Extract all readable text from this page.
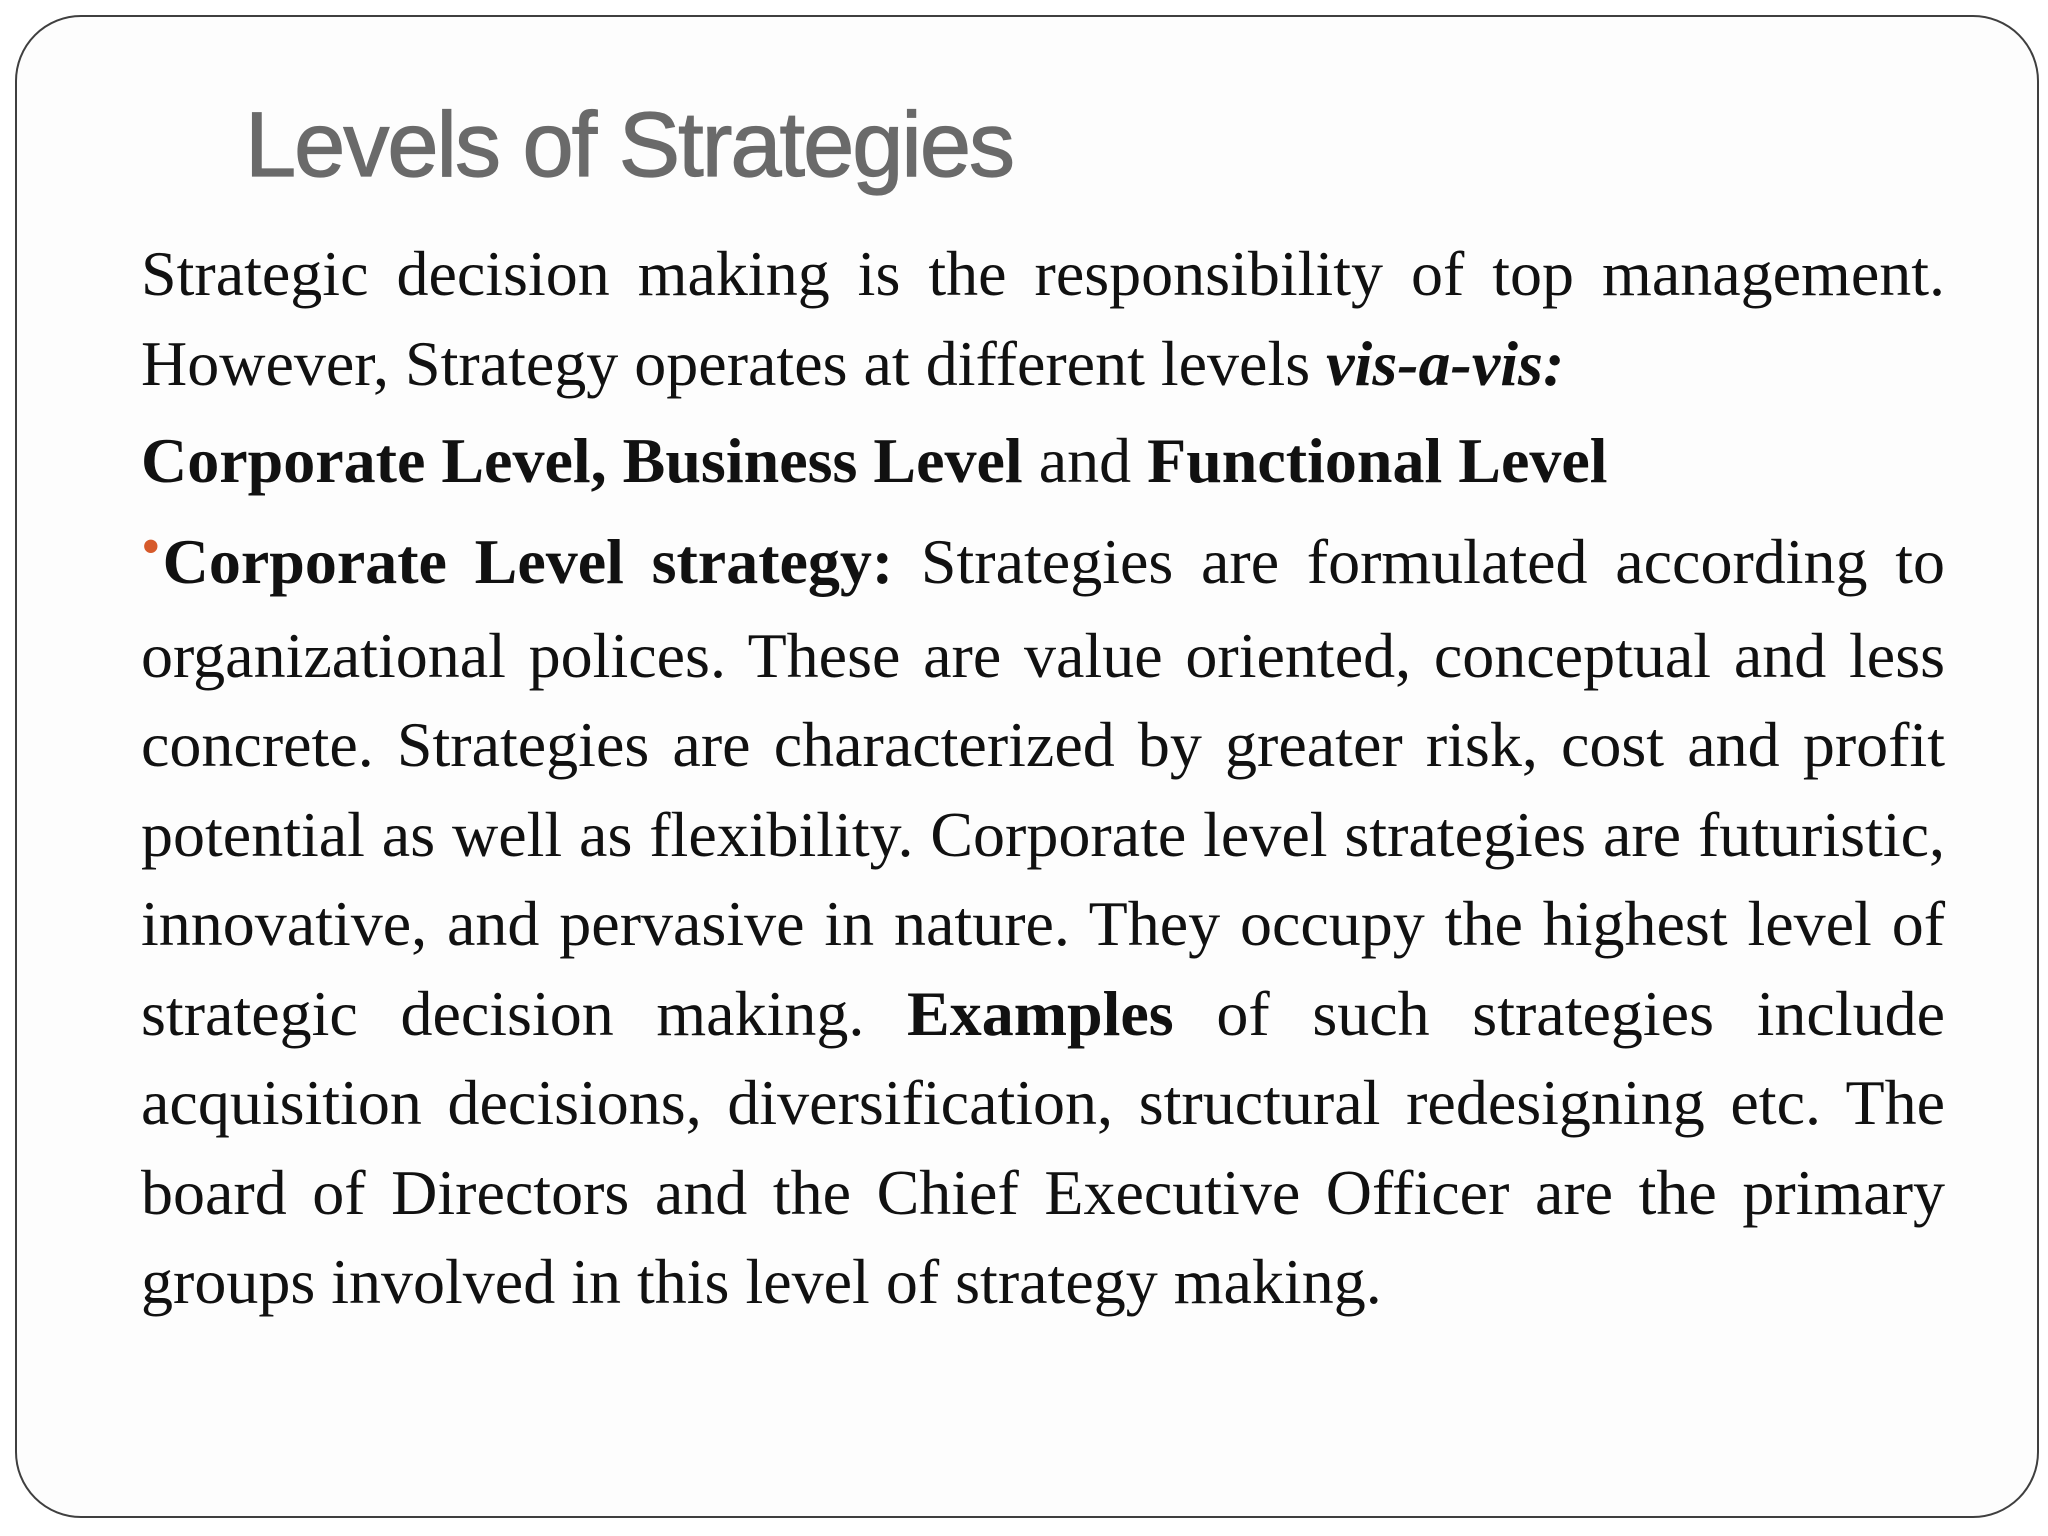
Levels of Strategies

Strategic decision making is the responsibility of top management. However, Strategy operates at different levels vis-a-vis:

Corporate Level, Business Level and Functional Level

•Corporate Level strategy: Strategies are formulated according to organizational polices. These are value oriented, conceptual and less concrete. Strategies are characterized by greater risk, cost and profit potential as well as flexibility. Corporate level strategies are futuristic, innovative, and pervasive in nature. They occupy the highest level of strategic decision making. Examples of such strategies include acquisition decisions, diversification, structural redesigning etc. The board of Directors and the Chief Executive Officer are the primary groups involved in this level of strategy making.
